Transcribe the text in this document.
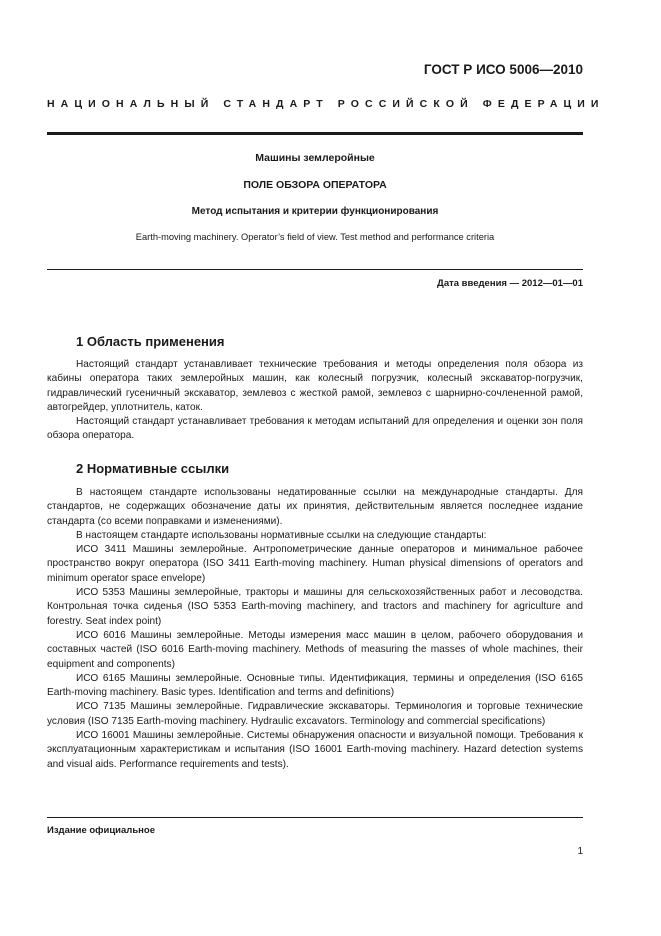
ГОСТ Р ИСО 5006—2010
НАЦИОНАЛЬНЫЙ СТАНДАРТ РОССИЙСКОЙ ФЕДЕРАЦИИ
Машины землеройные
ПОЛЕ ОБЗОРА ОПЕРАТОРА
Метод испытания и критерии функционирования
Earth-moving machinery. Operator’s field of view. Test method and performance criteria
Дата введения — 2012—01—01
1 Область применения

Настоящий стандарт устанавливает технические требования и методы определения поля обзора из кабины оператора таких землеройных машин, как колесный погрузчик, колесный экскаватор-погрузчик, гидравлический гусеничный экскаватор, землевоз с жесткой рамой, землевоз с шарнирно-сочлененной рамой, автогрейдер, уплотнитель, каток.

Настоящий стандарт устанавливает требования к методам испытаний для определения и оценки зон поля обзора оператора.

2 Нормативные ссылки

В настоящем стандарте использованы недатированные ссылки на международные стандарты. Для стандартов, не содержащих обозначение даты их принятия, действительным является последнее издание стандарта (со всеми поправками и изменениями).

В настоящем стандарте использованы нормативные ссылки на следующие стандарты:

ИСО 3411 Машины землеройные. Антропометрические данные операторов и минимальное рабочее пространство вокруг оператора (ISO 3411 Earth-moving machinery. Human physical dimensions of operators and minimum operator space envelope)

ИСО 5353 Машины землеройные, тракторы и машины для сельскохозяйственных работ и лесоводства. Контрольная точка сиденья (ISO 5353 Earth-moving machinery, and tractors and machinery for agriculture and forestry. Seat index point)

ИСО 6016 Машины землеройные. Методы измерения масс машин в целом, рабочего оборудования и составных частей (ISO 6016 Earth-moving machinery. Methods of measuring the masses of whole machines, their equipment and components)

ИСО 6165 Машины землеройные. Основные типы. Идентификация, термины и определения (ISO 6165 Earth-moving machinery. Basic types. Identification and terms and definitions)

ИСО 7135 Машины землеройные. Гидравлические экскаваторы. Терминология и торговые технические условия (ISO 7135 Earth-moving machinery. Hydraulic excavators. Terminology and commercial specifications)

ИСО 16001 Машины землеройные. Системы обнаружения опасности и визуальной помощи. Требования к эксплуатационным характеристикам и испытания (ISO 16001 Earth-moving machinery. Hazard detection systems and visual aids. Performance requirements and tests).

Издание официальное
1
